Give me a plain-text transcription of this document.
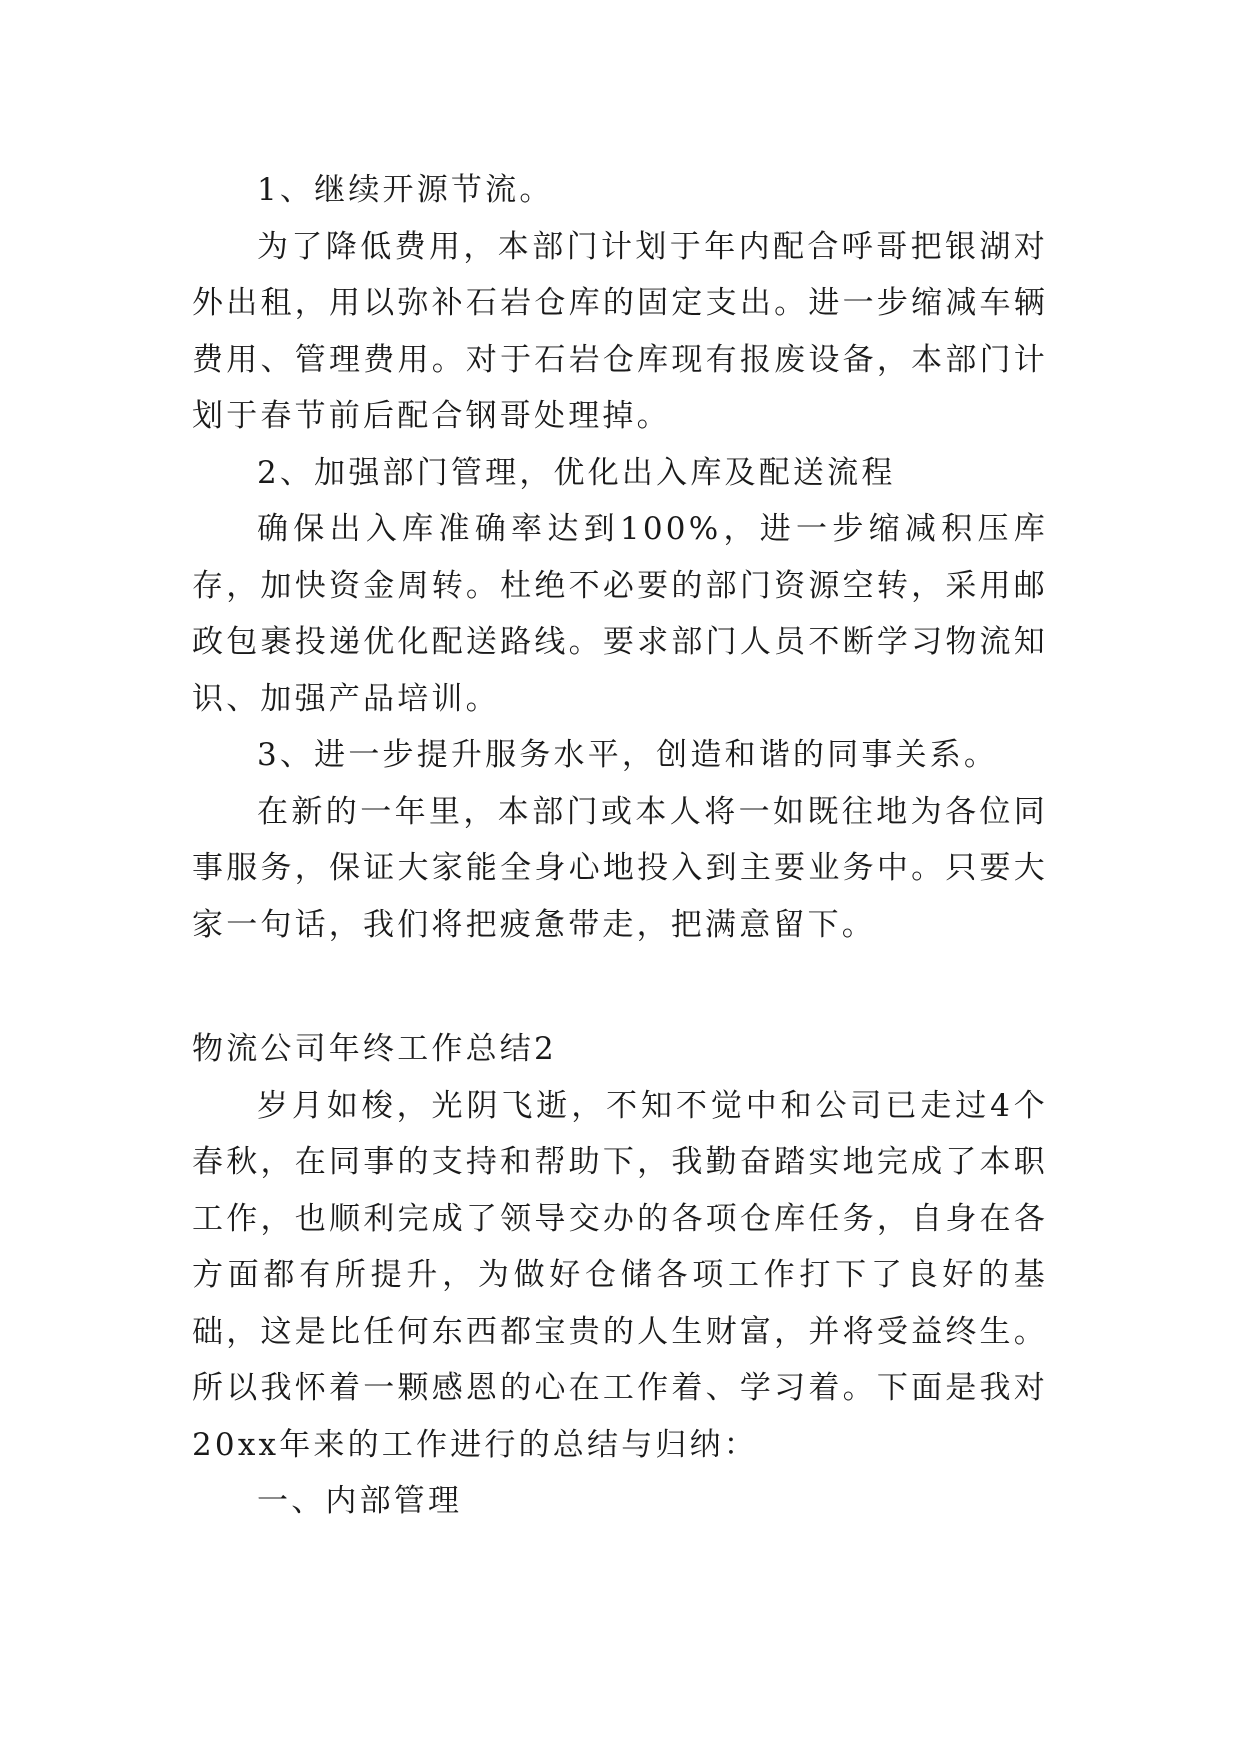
1、继续开源节流。

为了降低费用，本部门计划于年内配合呼哥把银湖对外出租，用以弥补石岩仓库的固定支出。进一步缩减车辆费用、管理费用。对于石岩仓库现有报废设备，本部门计划于春节前后配合钢哥处理掉。

2、加强部门管理，优化出入库及配送流程

确保出入库准确率达到100%，进一步缩减积压库存，加快资金周转。杜绝不必要的部门资源空转，采用邮政包裹投递优化配送路线。要求部门人员不断学习物流知识、加强产品培训。

3、进一步提升服务水平，创造和谐的同事关系。

在新的一年里，本部门或本人将一如既往地为各位同事服务，保证大家能全身心地投入到主要业务中。只要大家一句话，我们将把疲惫带走，把满意留下。

物流公司年终工作总结2

岁月如梭，光阴飞逝，不知不觉中和公司已走过4个春秋，在同事的支持和帮助下，我勤奋踏实地完成了本职工作，也顺利完成了领导交办的各项仓库任务，自身在各方面都有所提升，为做好仓储各项工作打下了良好的基础，这是比任何东西都宝贵的人生财富，并将受益终生。所以我怀着一颗感恩的心在工作着、学习着。下面是我对20xx年来的工作进行的总结与归纳：

一、内部管理
